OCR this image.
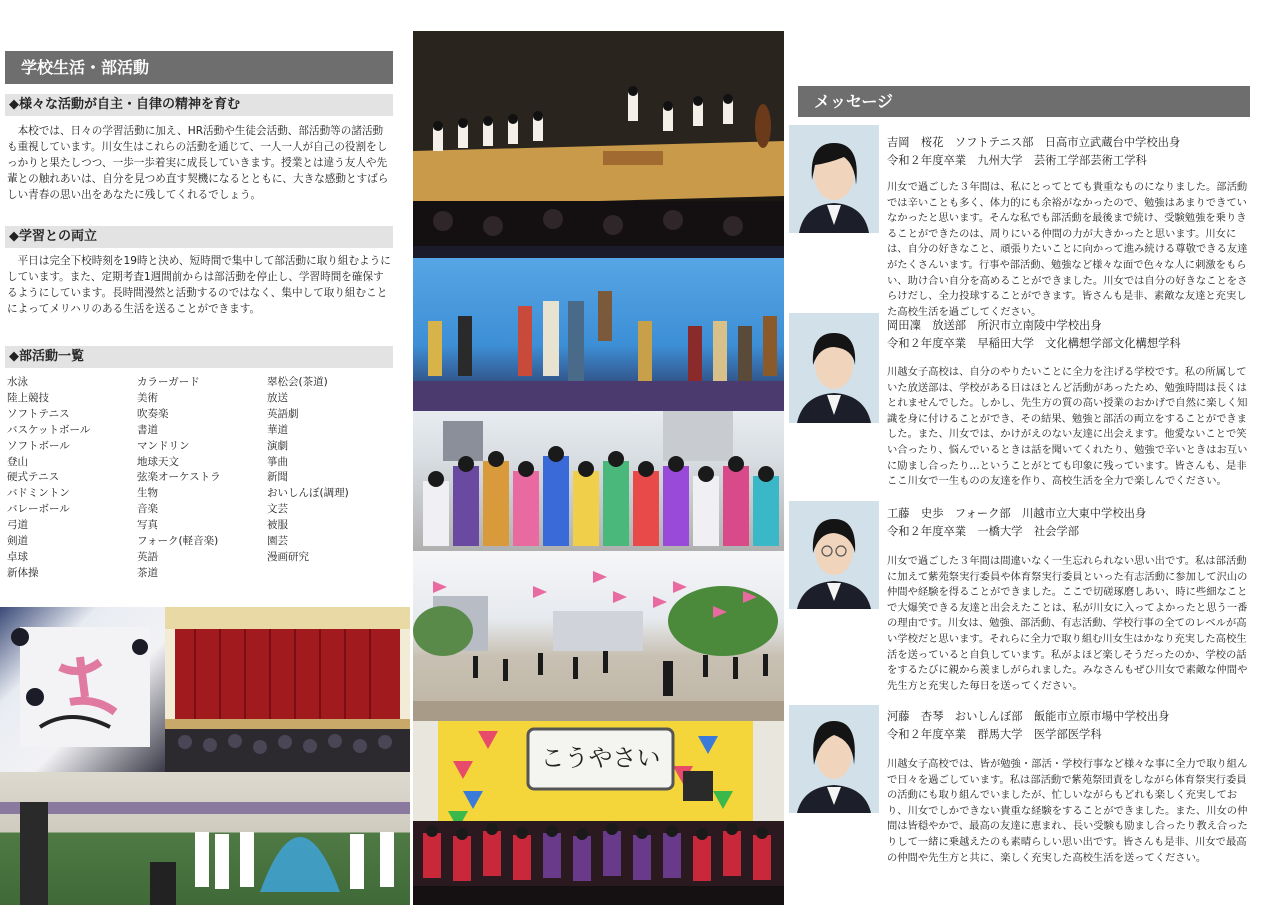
学校生活・部活動
◆様々な活動が自主・自律の精神を育む

本校では、日々の学習活動に加え、HR活動や生徒会活動、部活動等の諸活動も重視しています。川女生はこれらの活動を通じて、一人一人が自己の役割をしっかりと果たしつつ、一歩一歩着実に成長していきます。授業とは違う友人や先輩との触れあいは、自分を見つめ直す契機になるとともに、大きな感動とすばらしい青春の思い出をあなたに残してくれるでしょう。

◆学習との両立

平日は完全下校時刻を19時と決め、短時間で集中して部活動に取り組むようにしています。また、定期考査1週間前からは部活動を停止し、学習時間を確保するようにしています。長時間漫然と活動するのではなく、集中して取り組むことによってメリハリのある生活を送ることができます。

◆部活動一覧
水泳
陸上競技
ソフトテニス
バスケットボール
ソフトボール
登山
硬式テニス
バドミントン
バレーボール
弓道
剣道
卓球
新体操
カラーガード
美術
吹奏楽
書道
マンドリン
地球天文
弦楽オーケストラ
生物
音楽
写真
フォーク(軽音楽)
英語
茶道
翠松会(茶道)
放送
英語劇
華道
演劇
箏曲
新聞
おいしんぼ(調理)
文芸
被服
園芸
漫画研究
こうやさい
メッセージ
吉岡　桜花　ソフトテニス部　日高市立武蔵台中学校出身
令和２年度卒業　九州大学　芸術工学部芸術工学科

川女で過ごした３年間は、私にとってとても貴重なものになりました。部活動では辛いことも多く、体力的にも余裕がなかったので、勉強はあまりできていなかったと思います。そんな私でも部活動を最後まで続け、受験勉強を乗りきることができたのは、周りにいる仲間の力が大きかったと思います。川女には、自分の好きなこと、頑張りたいことに向かって進み続ける尊敬できる友達がたくさんいます。行事や部活動、勉強など様々な面で色々な人に刺激をもらい、助け合い自分を高めることができました。川女では自分の好きなことをさらけだし、全力投球することができます。皆さんも是非、素敵な友達と充実した高校生活を過ごしてください。

岡田凜　放送部　所沢市立南陵中学校出身
令和２年度卒業　早稲田大学　文化構想学部文化構想学科

川越女子高校は、自分のやりたいことに全力を注げる学校です。私の所属していた放送部は、学校がある日はほとんど活動があったため、勉強時間は長くはとれませんでした。しかし、先生方の質の高い授業のおかげで自然に楽しく知識を身に付けることができ、その結果、勉強と部活の両立をすることができました。また、川女では、かけがえのない友達に出会えます。他愛ないことで笑い合ったり、悩んでいるときは話を聞いてくれたり、勉強で辛いときはお互いに励まし合ったり…ということがとても印象に残っています。皆さんも、是非ここ川女で一生ものの友達を作り、高校生活を全力で楽しんでください。

工藤　史歩　フォーク部　川越市立大東中学校出身
令和２年度卒業　一橋大学　社会学部

川女で過ごした３年間は間違いなく一生忘れられない思い出です。私は部活動に加えて紫苑祭実行委員や体育祭実行委員といった有志活動に参加して沢山の仲間や経験を得ることができました。ここで切磋琢磨しあい、時に些細なことで大爆笑できる友達と出会えたことは、私が川女に入ってよかったと思う一番の理由です。川女は、勉強、部活動、有志活動、学校行事の全てのレベルが高い学校だと思います。それらに全力で取り組む川女生はかなり充実した高校生活を送っていると自負しています。私がよほど楽しそうだったのか、学校の話をするたびに親から羨ましがられました。みなさんもぜひ川女で素敵な仲間や先生方と充実した毎日を送ってください。

河藤　杏琴　おいしんぼ部　飯能市立原市場中学校出身
令和２年度卒業　群馬大学　医学部医学科

川越女子高校では、皆が勉強・部活・学校行事など様々な事に全力で取り組んで日々を過ごしています。私は部活動で紫苑祭団責をしながら体育祭実行委員の活動にも取り組んでいましたが、忙しいながらもどれも楽しく充実しており、川女でしかできない貴重な経験をすることができました。また、川女の仲間は皆穏やかで、最高の友達に恵まれ、長い受験も励まし合ったり教え合ったりして一緒に乗越えたのも素晴らしい思い出です。皆さんも是非、川女で最高の仲間や先生方と共に、楽しく充実した高校生活を送ってください。
